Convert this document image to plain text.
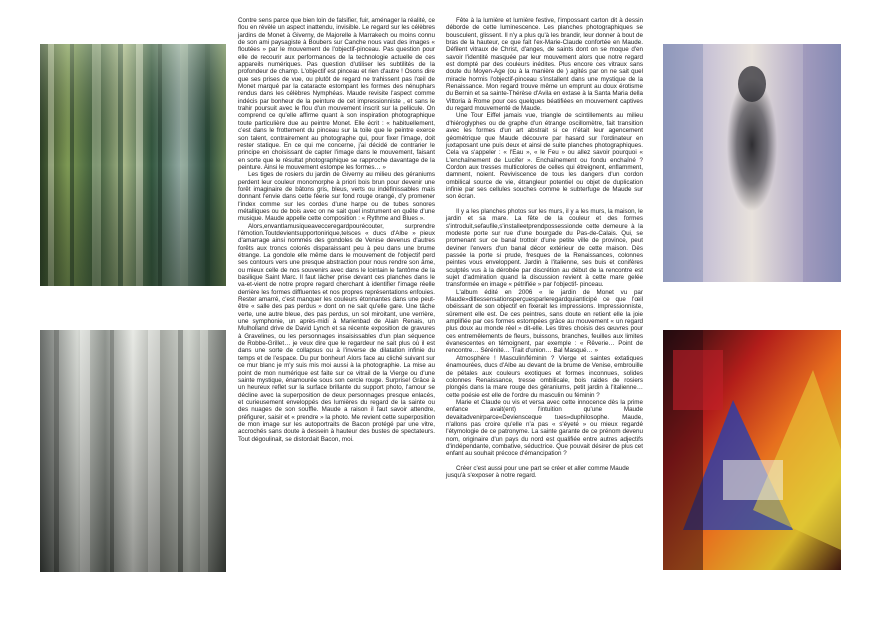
Contre sens parce que bien loin de falsifier, fuir, aménager la réalité, ce flou en révèle un aspect inattendu, invisible. Le regard sur les célèbres jardins de Monet à Giverny, de Majorelle à Marrakech ou moins connu de son ami paysagiste à Boubers sur Canche nous vaut des images « floutées » par le mouvement de l'objectif-pinceau. Pas question pour elle de recourir aux performances de la technologie actuelle de ces appareils numériques. Pas question d'utiliser les subtilités de la profondeur de champ. L'objectif est pinceau et rien d'autre ! Osons dire que ses prises de vue, ou plutôt de regard ne trahissent pas l'œil de Monet marqué par la cataracte estompant les formes des nénuphars rendus dans les célèbres Nymphéas. Maude revisite l'aspect comme indécis par bonheur de la peinture de cet impressionniste , et sans le trahir poursuit avec le flou d'un mouvement inscrit sur la pellicule. On comprend ce qu'elle affirme quant à son inspiration photographique toute particulière due au peintre Monet. Elle écrit : « habituellement, c'est dans le frottement du pinceau sur la toile que le peintre exerce son talent, contrairement au photographe qui, pour fixer l'image, doit rester statique. En ce qui me concerne, j'ai décidé de contrarier le principe en choisissant de capter l'image dans le mouvement, faisant en sorte que le résultat photographique se rapproche davantage de la peinture. Ainsi le mouvement estompe les formes… »

Les tiges de rosiers du jardin de Giverny au milieu des géraniums perdent leur couleur monomorphe à priori bois brun pour devenir une forêt imaginaire de bâtons gris, bleus, verts ou indéfinissables mais donnant l'envie dans cette féerie sur fond rouge orangé, d'y promener l'index comme sur les cordes d'une harpe ou de tubes sonores métalliques ou de bois avec on ne sait quel instrument en quête d'une musique. Maude appelle cette composition : « Rythme and Blues ».

Alors,envantlamusiqueavecceregardpourécouter, surprendre l'émotion.Toutdevientsupportonirique,telsces « ducs d'Albe » pieux d'amarrage ainsi nommés des gondoles de Venise devenus d'autres forêts aux troncs colorés disparaissant peu à peu dans une brume étrange. La gondole elle même dans le mouvement de l'objectif perd ses contours vers une presque abstraction pour nous rendre son âme, ou mieux celle de nos souvenirs avec dans le lointain le fantôme de la basilique Saint Marc. Il faut lâcher prise devant ces planches dans le va-et-vient de notre propre regard cherchant à identifier l'image réelle derrière les formes diffluentes et nos propres représentations enfouies. Rester amarré, c'est manquer les couleurs étonnantes dans une peut-être « salle des pas perdus » dont on ne sait qu'elle gare. Une tâche verte, une autre bleue, des pas perdus, un sol miroitant, une verrière, une symphonie, un après-midi à Marienbad de Alain Renais, un Mulholland drive de David Lynch et sa récente exposition de gravures à Gravelines, ou les personnages insaisissables d'un plan séquence de Robbe-Grillet… je veux dire que le regardeur ne sait plus où il est dans une sorte de collapsus ou à l'inverse de dilatation infinie du temps et de l'espace. Du pur bonheur! Alors face au cliché suivant sur ce mur blanc je m'y suis mis moi aussi à la photographie. La mise au point de mon numérique est faite sur ce vitrail de la Vierge ou d'une sainte mystique, énamourée sous son cercle rouge. Surprise! Grâce à un heureux reflet sur la surface brillante du support photo, l'amour se décline avec la superposition de deux personnages presque enlacés, et curieusement enveloppés des lumières du regard de la sainte ou des nuages de son souffle. Maude a raison il faut savoir attendre, préfigurer, saisir et « prendre » la photo. Me revient cette superposition de mon image sur les autoportraits de Bacon protégé par une vitre, accrochés sans doute à dessein à hauteur des bustes de spectateurs. Tout dégoulinait, se distordait Bacon, moi.

Fête à la lumière et lumière festive, l'impossant carton dit à dessin déborde de cette luminescence. Les planches photographiques se bousculent, glissent. Il n'y a plus qu'à les brandir, leur donner à bout de bras de la hauteur, ce que fait l'ex-Marie-Claude confortée en Maude. Défilent vitraux de Christ, d'anges, de saints dont on se moque d'en savoir l'identité masquée par leur mouvement alors que notre regard est dompté par des couleurs inédites. Plus encore ces vitraux sans doute du Moyen-Age (ou à la manière de ) agités par on ne sait quel miracle hormis l'objectif-pinceau s'installent dans une mystique de la Renaissance. Mon regard trouve même un emprunt au doux érotisme du Bernin et sa sainte-Thérèse d'Avila en extase à la Santa Maria della Vittoria à Rome pour ces quelques béatifiées en mouvement captives du regard mouvementé de Maude.

Une Tour Eiffel jamais vue, triangle de scintillements au milieu d'hiéroglyphes ou de graphe d'un étrange oscillomètre, fait transition avec les formes d'un art abstrait si ce n'était leur agencement géométrique que Maude découvre par hasard sur l'ordinateur en juxtaposant une puis deux et ainsi de suite planches photographiques. Cela va s'appeler : « l'Eau », « le Feu » ou allez savoir pourquoi « L'enchaînement de Lucifer ». Enchaînement ou fondu enchaîné ? Cordon aux tresses multicolores de celles qui étreignent, enflamment, damnent, noient. Reviviscence de tous les dangers d'un cordon ombilical source de vie, étrangleur potentiel ou objet de duplication infinie par ses cellules souches comme le subterfuge de Maude sur son écran.

Il y a les planches photos sur les murs, il y a les murs, la maison, le jardin et sa mare. La fête de la couleur et des formes s'introduit,sefaufile,s'installeetprendpossessionde cette demeure à la modeste porte sur rue d'une bourgade du Pas-de-Calais. Qui, se promenant sur ce banal trottoir d'une petite ville de province, peut deviner l'envers d'un banal décor extérieur de cette maison. Dès passée la porte si prude, fresques de la Renaissances, colonnes peintes vous enveloppent. Jardin à l'italienne, ses buis et conifères sculptés vus à la dérobée par discrétion au début de la rencontre est sujet d'admiration quand la discussion revient à cette mare gelée transformée en image « pétrifiée » par l'objectif- pinceau.

L'album édité en 2006 « le jardin de Monet vu par Maude»ditlessensationsperçuesparleregardquianticipé ce que l'œil obéissant de son objectif en fixerait les impressions. Impressionniste, sûrement elle est. De ces peintres, sans doute en retient elle la joie amplifiée par ces formes estompées grâce au mouvement « un regard plus doux au monde réel » dit-elle. Les titres choisis des œuvres pour ces entremêlements de fleurs, buissons, branches, feuilles aux limites évanescentes en témoignent, par exemple : « Rêverie… Point de rencontre… Sérénité… Trait d'union… Bal Masqué… »

Atmosphère ! Masculin/féminin ? Vierge et saintes extatiques énamourées, ducs d'Albe au devant de la brume de Venise, embrouille de pétales aux couleurs exotiques et formes inconnues, solides colonnes Renaissance, tresse ombilicale, bois raides de rosiers plongés dans la mare rouge des géraniums, petit jardin à l'italienne… cette poésie est elle de l'ordre du masculin ou féminin ?

Marie et Claude ou vis et versa avec cette innocence dès la prime enfance avait(ent) l'intuition qu'une Maude devaitadvenirparce«Deviensceque tues»duphilosophe. Maude, n'allons pas croire qu'elle n'a pas « s'éyeté » ou mieux regardé l'étymologie de ce patronyme. La sainte garante de ce prénom devenu nom, originaire d'un pays du nord est qualifiée entre autres adjectifs d'indépendante, combative, séductrice. Que pouvait désirer de plus cet enfant au souhait précoce d'émancipation ?

Créer c'est aussi pour une part se créer et aller comme Maude jusqu'à s'exposer à notre regard.
